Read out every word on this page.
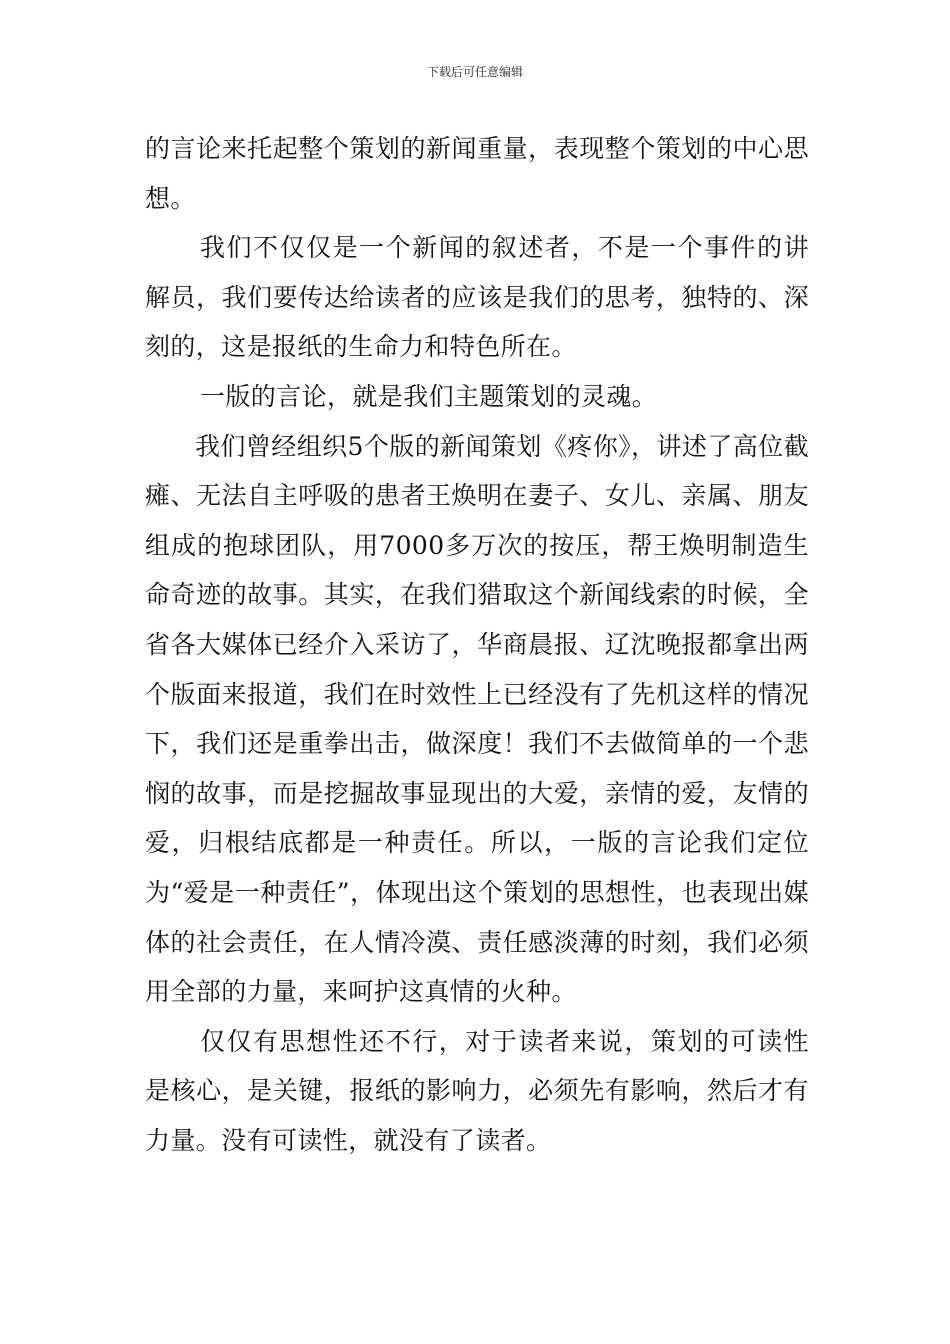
下载后可任意编辑

的言论来托起整个策划的新闻重量，表现整个策划的中心思想。

我们不仅仅是一个新闻的叙述者，不是一个事件的讲解员，我们要传达给读者的应该是我们的思考，独特的、深刻的，这是报纸的生命力和特色所在。

一版的言论，就是我们主题策划的灵魂。

我们曾经组织5个版的新闻策划《疼你》，讲述了高位截瘫、无法自主呼吸的患者王焕明在妻子、女儿、亲属、朋友组成的抱球团队，用7000多万次的按压，帮王焕明制造生命奇迹的故事。其实，在我们猎取这个新闻线索的时候，全省各大媒体已经介入采访了，华商晨报、辽沈晚报都拿出两个版面来报道，我们在时效性上已经没有了先机这样的情况下，我们还是重拳出击，做深度！我们不去做简单的一个悲悯的故事，而是挖掘故事显现出的大爱，亲情的爱，友情的爱，归根结底都是一种责任。所以，一版的言论我们定位为“爱是一种责任”，体现出这个策划的思想性，也表现出媒体的社会责任，在人情冷漠、责任感淡薄的时刻，我们必须用全部的力量，来呵护这真情的火种。

仅仅有思想性还不行，对于读者来说，策划的可读性是核心，是关键，报纸的影响力，必须先有影响，然后才有力量。没有可读性，就没有了读者。
